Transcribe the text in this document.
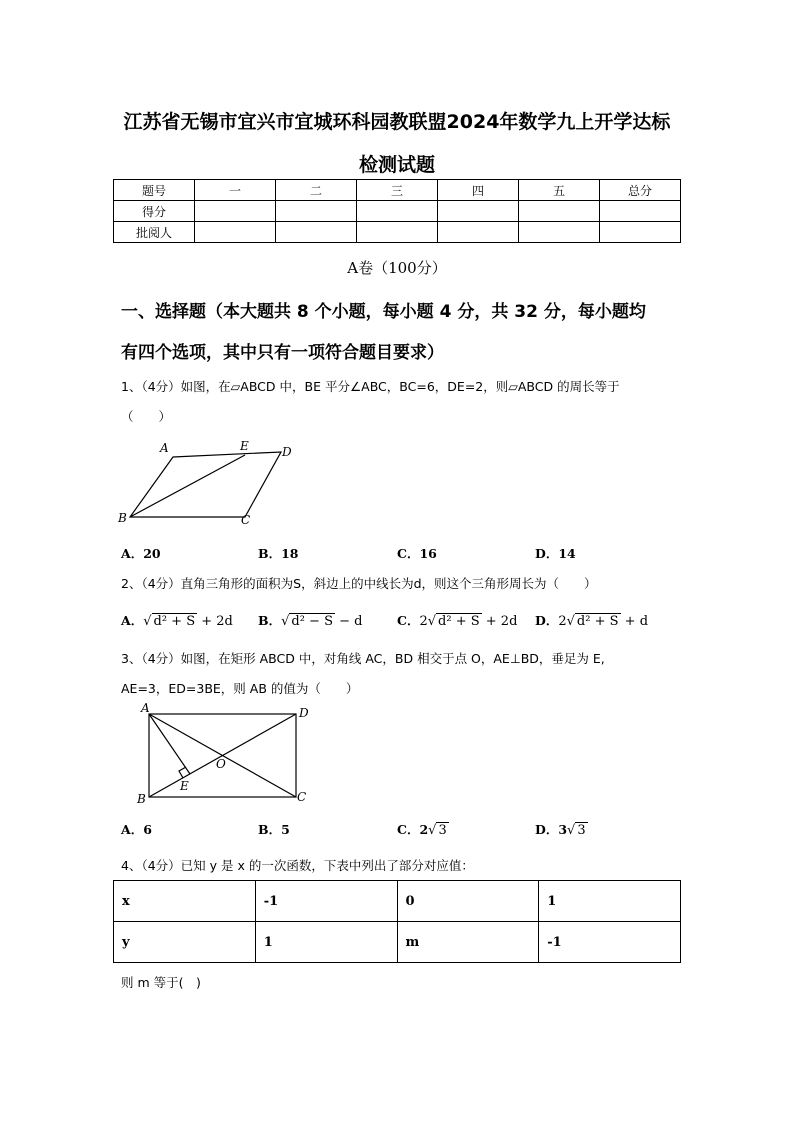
江苏省无锡市宜兴市宜城环科园教联盟2024年数学九上开学达标
检测试题
题号	一	二	三	四	五	总分
得分						
批阅人						
A卷（100分）
一、选择题（本大题共 8 个小题，每小题 4 分，共 32 分，每小题均
有四个选项，其中只有一项符合题目要求）
1、（4分）如图，在▱ABCD 中，BE 平分∠ABC，BC=6，DE=2，则▱ABCD 的周长等于
（　　）
A	E	D
B	C
A．20	B．18	C．16	D．14
2、（4分）直角三角形的面积为S，斜边上的中线长为d，则这个三角形周长为（　　）
A．√ d² + S + 2d B．√ d² − S − d	C．2√ d² + S + 2d D．2√ d² + S + d
3、（4分）如图，在矩形 ABCD 中，对角线 AC，BD 相交于点 O，AE⊥BD，垂足为 E,
AE=3，ED=3BE，则 AB 的值为（　　）
A	D
O
E
B	C
A．6	B．5	C．2√ 3	D．3√ 3
4、（4分）已知 y 是 x 的一次函数，下表中列出了部分对应值：
x	-1	0	1
y	1	m	-1
则 m 等于(　)
